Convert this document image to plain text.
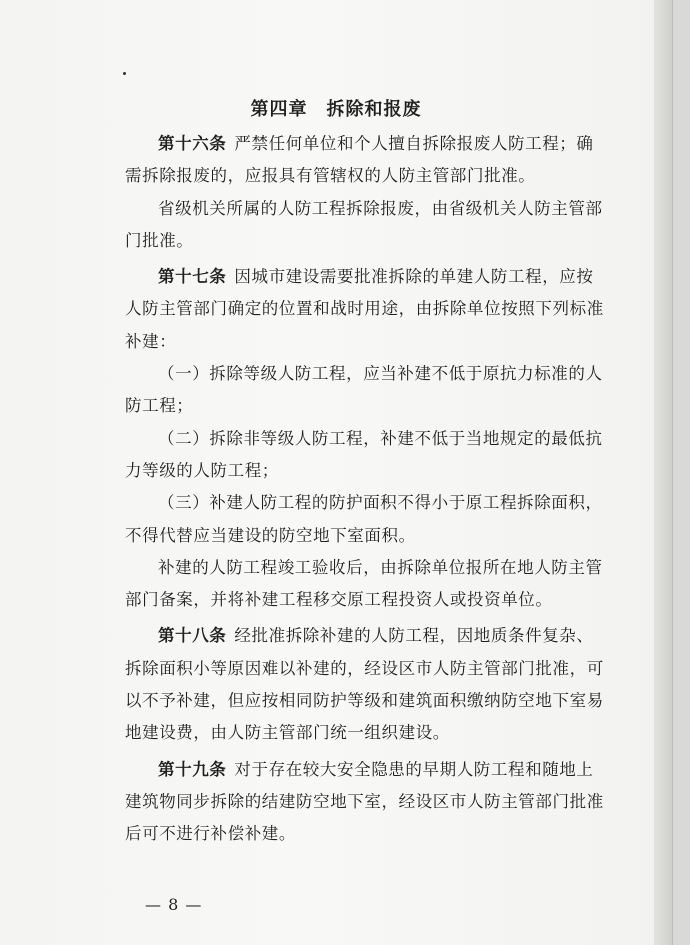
第四章　拆除和报废

第十六条 严禁任何单位和个人擅自拆除报废人防工程；确需拆除报废的，应报具有管辖权的人防主管部门批准。

省级机关所属的人防工程拆除报废，由省级机关人防主管部门批准。

第十七条 因城市建设需要批准拆除的单建人防工程，应按人防主管部门确定的位置和战时用途，由拆除单位按照下列标准补建：

（一）拆除等级人防工程，应当补建不低于原抗力标准的人防工程；

（二）拆除非等级人防工程，补建不低于当地规定的最低抗力等级的人防工程；

（三）补建人防工程的防护面积不得小于原工程拆除面积，不得代替应当建设的防空地下室面积。

补建的人防工程竣工验收后，由拆除单位报所在地人防主管部门备案，并将补建工程移交原工程投资人或投资单位。

第十八条 经批准拆除补建的人防工程，因地质条件复杂、拆除面积小等原因难以补建的，经设区市人防主管部门批准，可以不予补建，但应按相同防护等级和建筑面积缴纳防空地下室易地建设费，由人防主管部门统一组织建设。

第十九条 对于存在较大安全隐患的早期人防工程和随地上建筑物同步拆除的结建防空地下室，经设区市人防主管部门批准后可不进行补偿补建。

— 8 —
